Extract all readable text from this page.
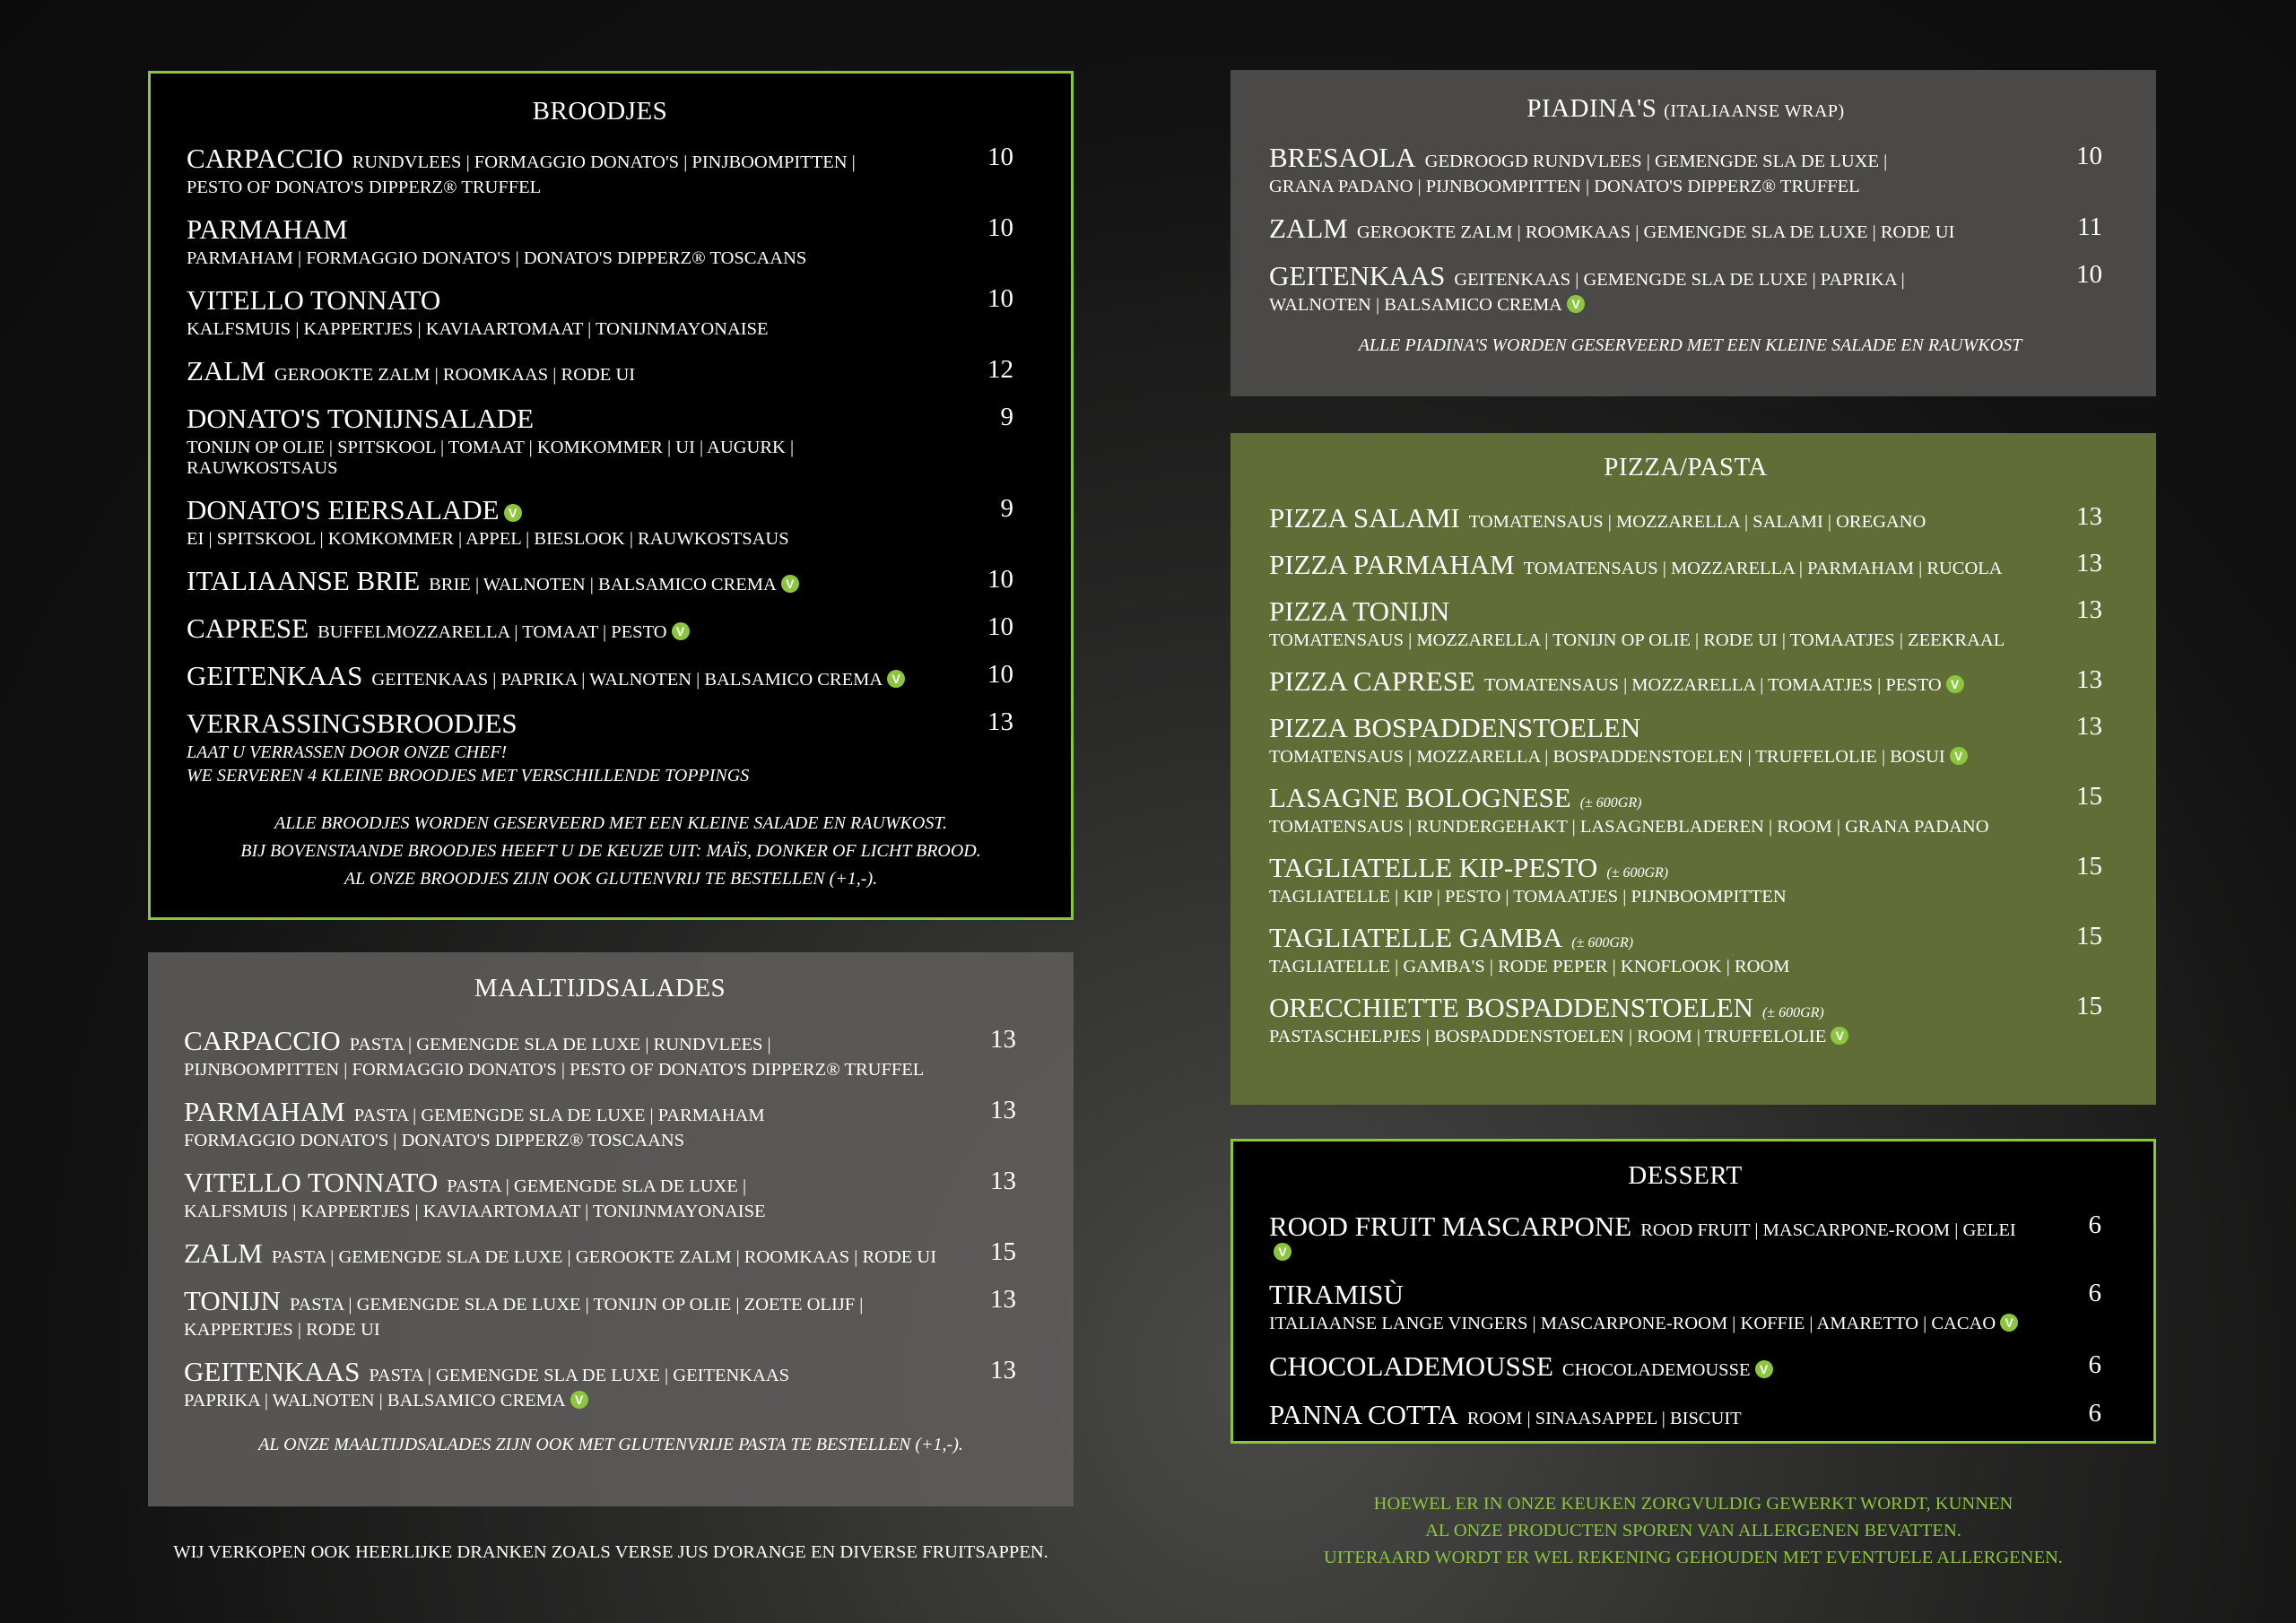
BROODJES
CARPACCIO RUNDVLEES | FORMAGGIO DONATO'S | PINJBOOMPITTEN |
PESTO OF DONATO'S DIPPERZ® TRUFFEL
10
PARMAHAM
PARMAHAM | FORMAGGIO DONATO'S | DONATO'S DIPPERZ® TOSCAANS
10
VITELLO TONNATO
KALFSMUIS | KAPPERTJES | KAVIAARTOMAAT | TONIJNMAYONAISE
10
ZALM GEROOKTE ZALM | ROOMKAAS | RODE UI	12
DONATO'S TONIJNSALADE
TONIJN OP OLIE | SPITSKOOL | TOMAAT | KOMKOMMER | UI | AUGURK | RAUWKOSTSAUS
9
DONATO'S EIERSALADE V
EI | SPITSKOOL | KOMKOMMER | APPEL | BIESLOOK | RAUWKOSTSAUS
9
ITALIAANSE BRIE BRIE | WALNOTEN | BALSAMICO CREMA V	10
CAPRESE BUFFELMOZZARELLA | TOMAAT | PESTO V	10
GEITENKAAS GEITENKAAS | PAPRIKA | WALNOTEN | BALSAMICO CREMA V	10
VERRASSINGSBROODJES
LAAT U VERRASSEN DOOR ONZE CHEF!
WE SERVEREN 4 KLEINE BROODJES MET VERSCHILLENDE TOPPINGS
13
ALLE BROODJES WORDEN GESERVEERD MET EEN KLEINE SALADE EN RAUWKOST.
BIJ BOVENSTAANDE BROODJES HEEFT U DE KEUZE UIT: MAÏS, DONKER OF LICHT BROOD.
AL ONZE BROODJES ZIJN OOK GLUTENVRIJ TE BESTELLEN (+1,-).
MAALTIJDSALADES
CARPACCIO PASTA | GEMENGDE SLA DE LUXE | RUNDVLEES |
PIJNBOOMPITTEN | FORMAGGIO DONATO'S | PESTO OF DONATO'S DIPPERZ® TRUFFEL
13
PARMAHAM PASTA | GEMENGDE SLA DE LUXE | PARMAHAM
FORMAGGIO DONATO'S | DONATO'S DIPPERZ® TOSCAANS
13
VITELLO TONNATO PASTA | GEMENGDE SLA DE LUXE |
KALFSMUIS | KAPPERTJES | KAVIAARTOMAAT | TONIJNMAYONAISE
13
ZALM PASTA | GEMENGDE SLA DE LUXE | GEROOKTE ZALM | ROOMKAAS | RODE UI	15
TONIJN PASTA | GEMENGDE SLA DE LUXE | TONIJN OP OLIE | ZOETE OLIJF |
KAPPERTJES | RODE UI
13
GEITENKAAS PASTA | GEMENGDE SLA DE LUXE | GEITENKAAS
PAPRIKA | WALNOTEN | BALSAMICO CREMA V
13
AL ONZE MAALTIJDSALADES ZIJN OOK MET GLUTENVRIJE PASTA TE BESTELLEN (+1,-).
PIADINA'S (ITALIAANSE WRAP)
BRESAOLA GEDROOGD RUNDVLEES | GEMENGDE SLA DE LUXE |
GRANA PADANO | PIJNBOOMPITTEN | DONATO'S DIPPERZ® TRUFFEL
10
ZALM GEROOKTE ZALM | ROOMKAAS | GEMENGDE SLA DE LUXE | RODE UI	11
GEITENKAAS GEITENKAAS | GEMENGDE SLA DE LUXE | PAPRIKA |
WALNOTEN | BALSAMICO CREMA V
10
ALLE PIADINA'S WORDEN GESERVEERD MET EEN KLEINE SALADE EN RAUWKOST
PIZZA/PASTA
PIZZA SALAMI TOMATENSAUS | MOZZARELLA | SALAMI | OREGANO	13
PIZZA PARMAHAM TOMATENSAUS | MOZZARELLA | PARMAHAM | RUCOLA	13
PIZZA TONIJN
TOMATENSAUS | MOZZARELLA | TONIJN OP OLIE | RODE UI | TOMAATJES | ZEEKRAAL
13
PIZZA CAPRESE TOMATENSAUS | MOZZARELLA | TOMAATJES | PESTO V	13
PIZZA BOSPADDENSTOELEN
TOMATENSAUS | MOZZARELLA | BOSPADDENSTOELEN | TRUFFELOLIE | BOSUI V
13
LASAGNE BOLOGNESE (± 600GR)
TOMATENSAUS | RUNDERGEHAKT | LASAGNEBLADEREN | ROOM | GRANA PADANO
15
TAGLIATELLE KIP-PESTO (± 600GR)
TAGLIATELLE | KIP | PESTO | TOMAATJES | PIJNBOOMPITTEN
15
TAGLIATELLE GAMBA (± 600GR)
TAGLIATELLE | GAMBA'S | RODE PEPER | KNOFLOOK | ROOM
15
ORECCHIETTE BOSPADDENSTOELEN (± 600GR)
PASTASCHELPJES | BOSPADDENSTOELEN | ROOM | TRUFFELOLIE V
15
DESSERT
ROOD FRUIT MASCARPONE ROOD FRUIT | MASCARPONE-ROOM | GELEIV
6
TIRAMISÙ
ITALIAANSE LANGE VINGERS | MASCARPONE-ROOM | KOFFIE | AMARETTO | CACAO V
6
CHOCOLADEMOUSSE CHOCOLADEMOUSSE V	6
PANNA COTTA ROOM | SINAASAPPEL | BISCUIT	6
WIJ VERKOPEN OOK HEERLIJKE DRANKEN ZOALS VERSE JUS D'ORANGE EN DIVERSE FRUITSAPPEN.
HOEWEL ER IN ONZE KEUKEN ZORGVULDIG GEWERKT WORDT, KUNNEN
AL ONZE PRODUCTEN SPOREN VAN ALLERGENEN BEVATTEN.
UITERAARD WORDT ER WEL REKENING GEHOUDEN MET EVENTUELE ALLERGENEN.
